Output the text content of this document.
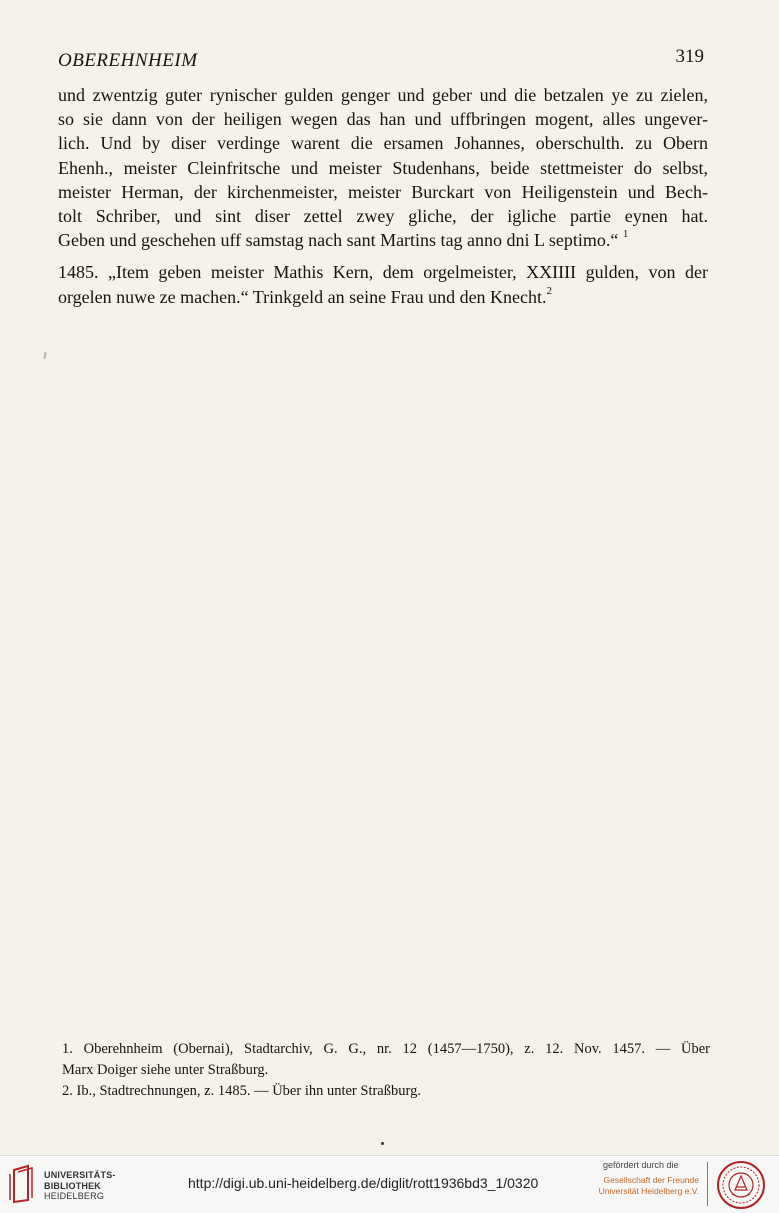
OBEREHNHEIM	319

und zwentzig guter rynischer gulden genger und geber und die betzalen ye zu zielen,
so sie dann von der heiligen wegen das han und uffbringen mogent, alles ungever-
lich. Und by diser verdinge warent die ersamen Johannes, oberschulth. zu Obern
Ehenh., meister Cleinfritsche und meister Studenhans, beide stettmeister do selbst,
meister Herman, der kirchenmeister, meister Burckart von Heiligenstein und Bech-
tolt Schriber, und sint diser zettel zwey gliche, der igliche partie eynen hat.
Geben und geschehen uff samstag nach sant Martins tag anno dni L septimo.“ $^1$

1485. „Item geben meister Mathis Kern, dem orgelmeister, XXIIII gulden, von der
orgelen nuwe ze machen.“ Trinkgeld an seine Frau und den Knecht.$^2$

1. Oberehnheim (Obernai), Stadtarchiv, G. G., nr. 12 (1457—1750), z. 12. Nov. 1457. — Über
Marx Doiger siehe unter Straßburg.
2. Ib., Stadtrechnungen, z. 1485. — Über ihn unter Straßburg.
UNIVERSITÄTS-
BIBLIOTHEK
HEIDELBERG
http://digi.ub.uni-heidelberg.de/diglit/rott1936bd3_1/0320
gefördert durch die
Gesellschaft der Freunde
Universität Heidelberg e.V.
